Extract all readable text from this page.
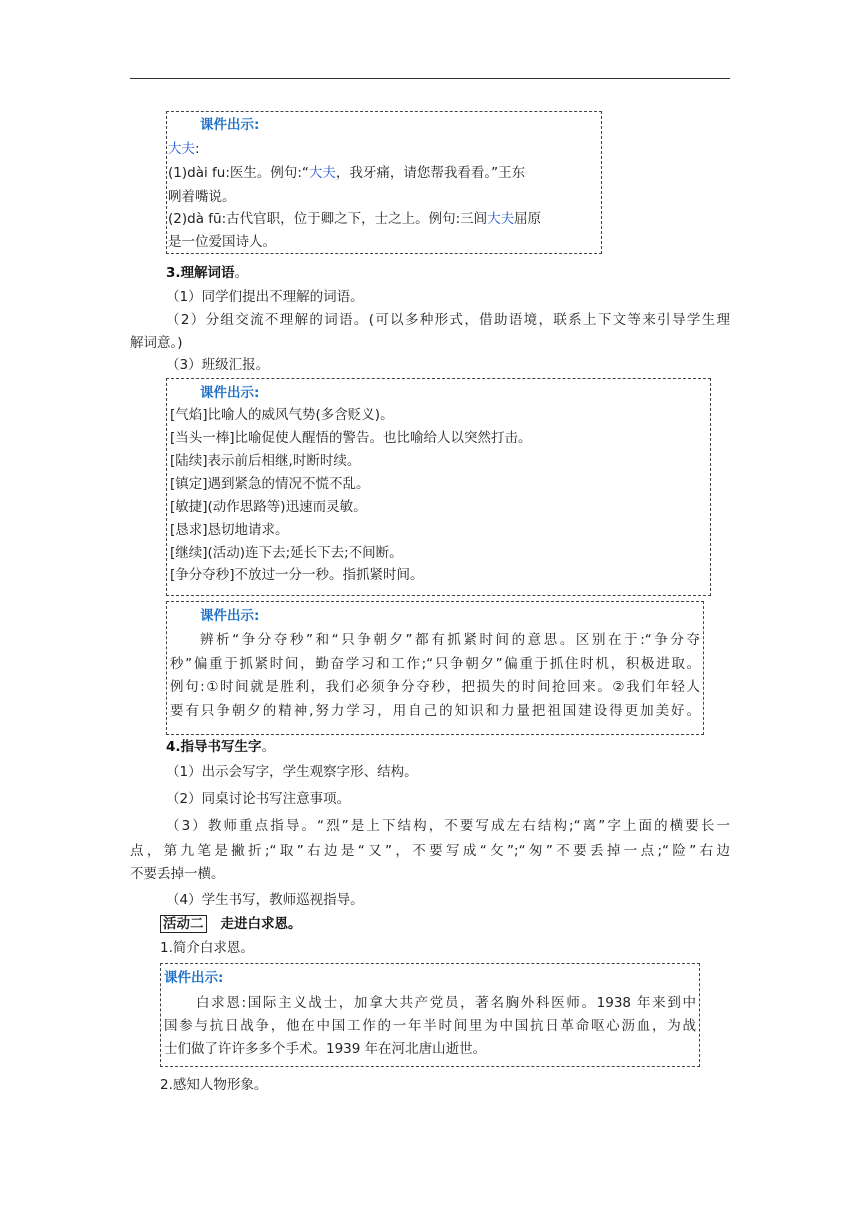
课件出示:
大夫:
(1)dài fu:医生。例句:“大夫，我牙痛，请您帮我看看。”王东
咧着嘴说。
(2)dà fū:古代官职，位于卿之下，士之上。例句:三闾大夫屈原
是一位爱国诗人。
3.理解词语。
（1）同学们提出不理解的词语。
（2）分组交流不理解的词语。(可以多种形式，借助语境，联系上下文等来引导学生理
解词意。)
（3）班级汇报。
课件出示:
[气焰]比喻人的威风气势(多含贬义)。
[当头一棒]比喻促使人醒悟的警告。也比喻给人以突然打击。
[陆续]表示前后相继,时断时续。
[镇定]遇到紧急的情况不慌不乱。
[敏捷](动作思路等)迅速而灵敏。
[恳求]恳切地请求。
[继续](活动)连下去;延长下去;不间断。
[争分夺秒]不放过一分一秒。指抓紧时间。
课件出示:
辨析“争分夺秒”和“只争朝夕”都有抓紧时间的意思。区别在于:“争分夺
秒”偏重于抓紧时间，勤奋学习和工作;“只争朝夕”偏重于抓住时机，积极进取。
例句:①时间就是胜利，我们必须争分夺秒，把损失的时间抢回来。②我们年轻人
要有只争朝夕的精神,努力学习，用自己的知识和力量把祖国建设得更加美好。
4.指导书写生字。
（1）出示会写字，学生观察字形、结构。
（2）同桌讨论书写注意事项。
（3）教师重点指导。“烈”是上下结构，不要写成左右结构;“离”字上面的横要长一
点，第九笔是撇折;“取”右边是“又”，不要写成“攵”;“匆”不要丢掉一点;“险”右边
不要丢掉一横。
（4）学生书写，教师巡视指导。
活动二 走进白求恩。
1.简介白求恩。
课件出示:
白求恩:国际主义战士，加拿大共产党员，著名胸外科医师。1938 年来到中
国参与抗日战争，他在中国工作的一年半时间里为中国抗日革命呕心沥血，为战
士们做了许许多多个手术。1939 年在河北唐山逝世。
2.感知人物形象。
